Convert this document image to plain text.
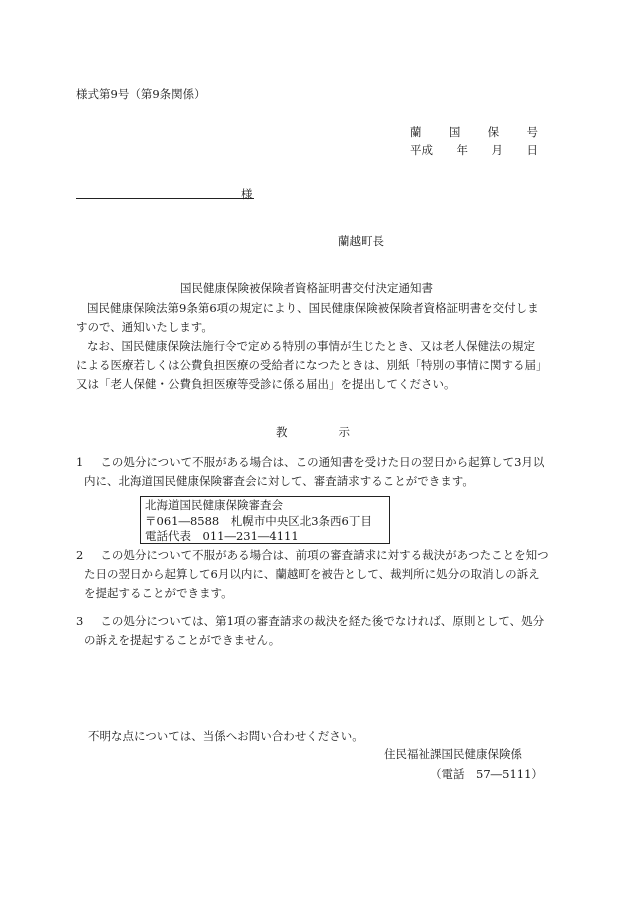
様式第9号（第9条関係）
蘭 国 保 号
平成 年 月 日
様
蘭越町長
国民健康保険被保険者資格証明書交付決定通知書
国民健康保険法第9条第6項の規定により、国民健康保険被保険者資格証明書を交付しま
すので、通知いたします。
なお、国民健康保険法施行令で定める特別の事情が生じたとき、又は老人保健法の規定
による医療若しくは公費負担医療の受給者になつたときは、別紙「特別の事情に関する届」
又は「老人保健・公費負担医療等受診に係る届出」を提出してください。
教	示
1 この処分について不服がある場合は、この通知書を受けた日の翌日から起算して3月以
内に、北海道国民健康保険審査会に対して、審査請求することができます。
北海道国民健康保険審査会
〒061―8588　札幌市中央区北3条西6丁目
電話代表　011―231―4111
2 この処分について不服がある場合は、前項の審査請求に対する裁決があつたことを知つ
た日の翌日から起算して6月以内に、蘭越町を被告として、裁判所に処分の取消しの訴え
を提起することができます。
3 この処分については、第1項の審査請求の裁決を経た後でなければ、原則として、処分
の訴えを提起することができません。
不明な点については、当係へお問い合わせください。
住民福祉課国民健康保険係
（電話　57―5111）
